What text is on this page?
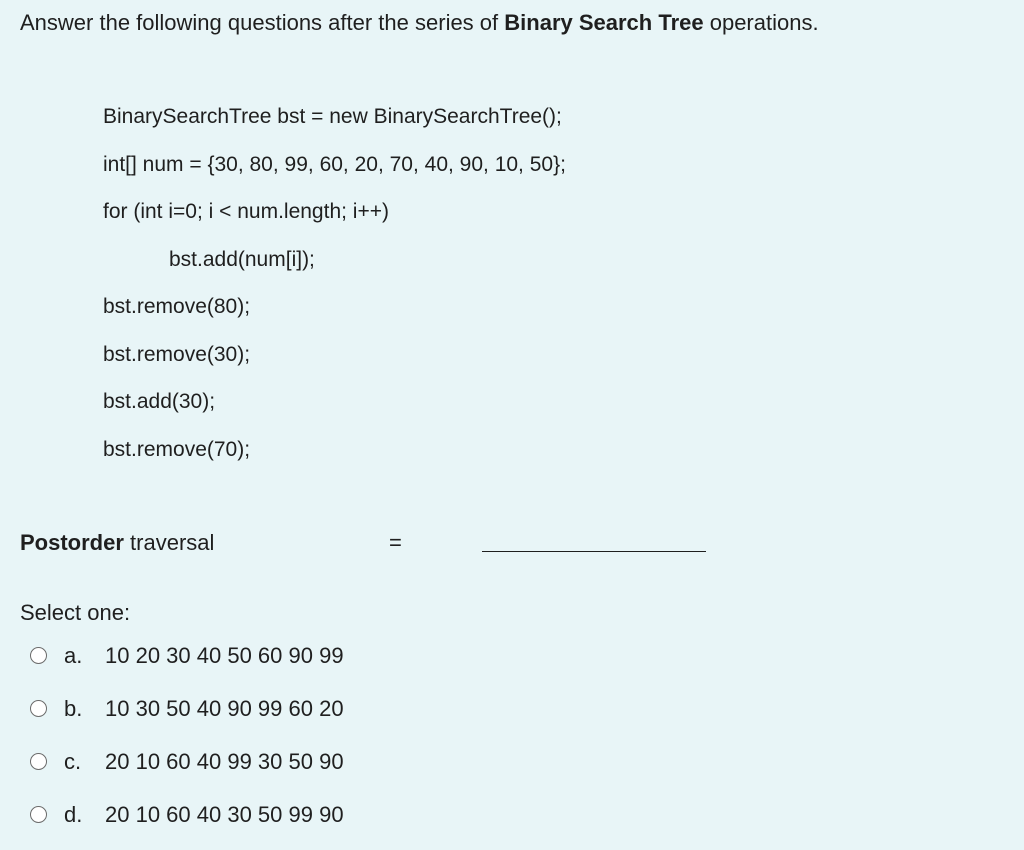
Answer the following questions after the series of Binary Search Tree operations.
BinarySearchTree bst = new BinarySearchTree();
int[] num = {30, 80, 99, 60, 20, 70, 40, 90, 10, 50};
for (int i=0; i < num.length; i++)
bst.add(num[i]);
bst.remove(80);
bst.remove(30);
bst.add(30);
bst.remove(70);
Postorder traversal	=
Select one:
a.	10 20 30 40 50 60 90 99
b.	10 30 50 40 90 99 60 20
c.	20 10 60 40 99 30 50 90
d.	20 10 60 40 30 50 99 90
